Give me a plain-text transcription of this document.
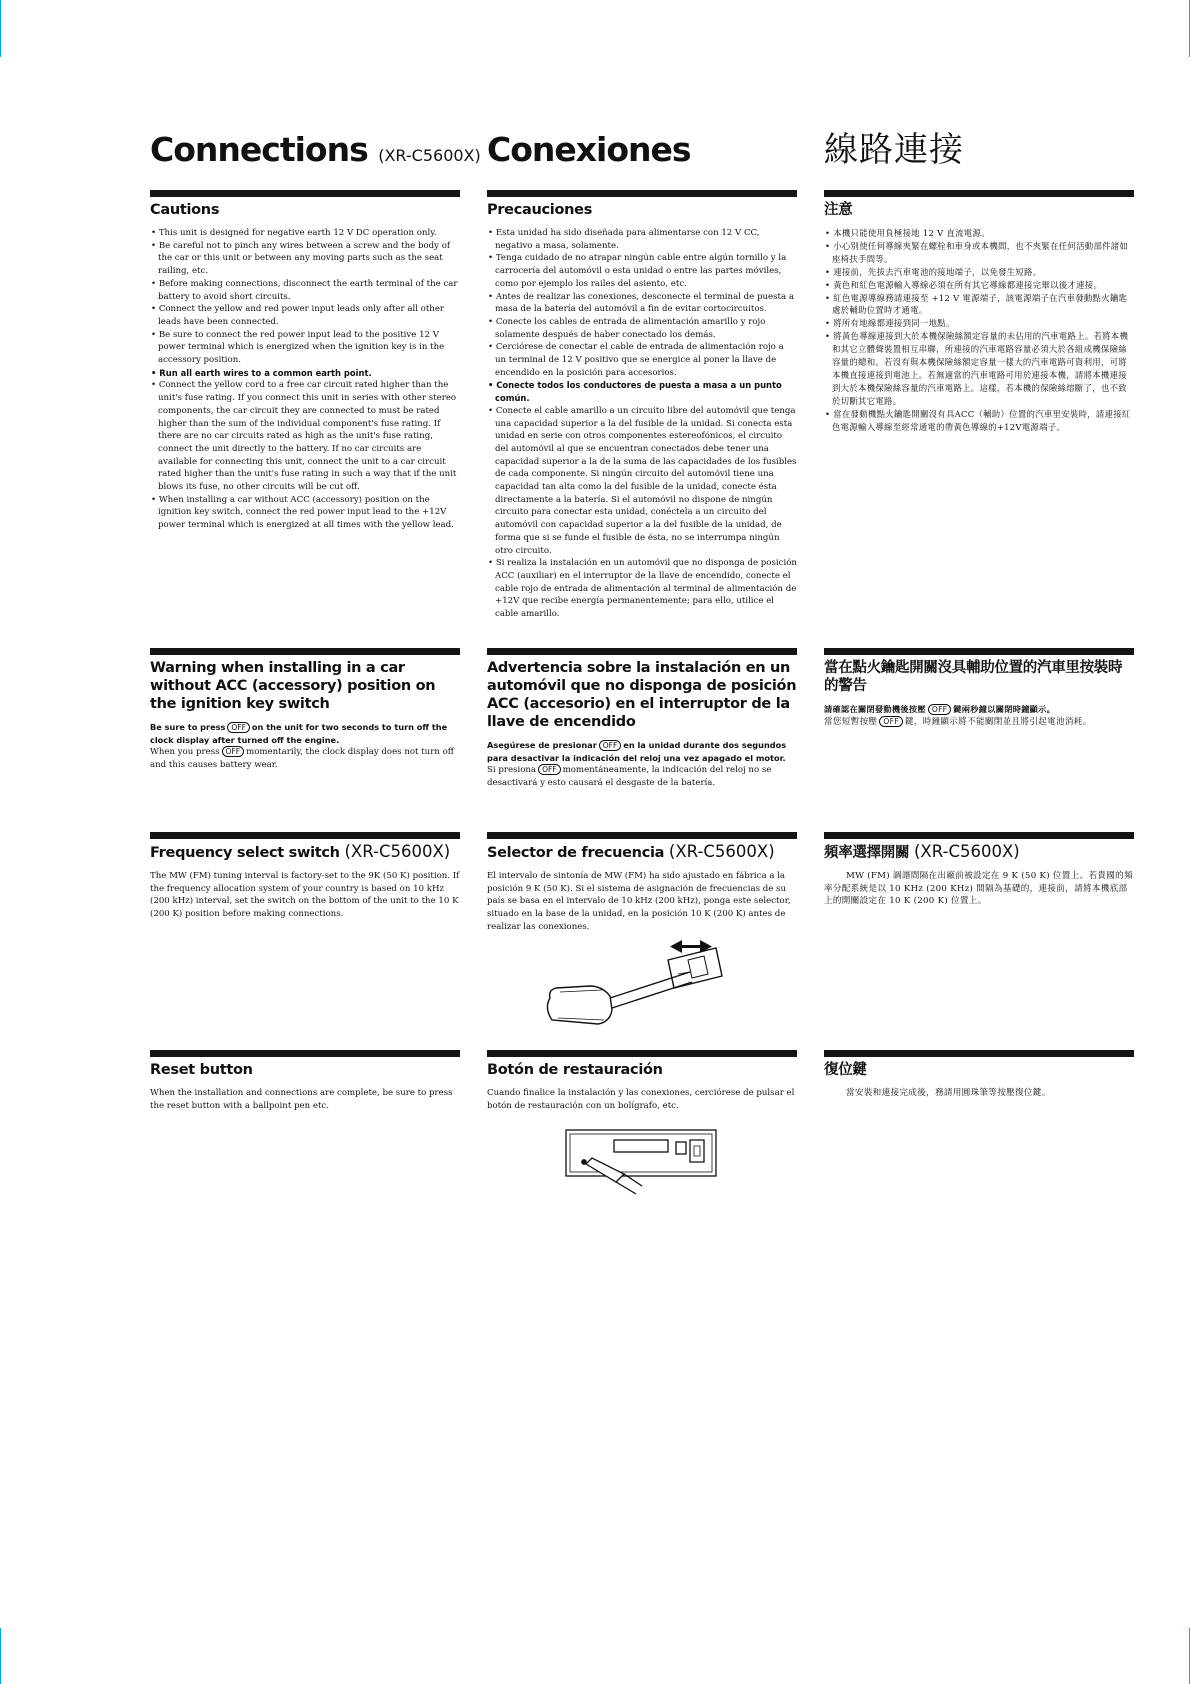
Connections (XR-C5600X) Conexiones	線路連接
Cautions
• This unit is designed for negative earth 12 V DC operation only.
• Be careful not to pinch any wires between a screw and the body of the car or this unit or between any moving parts such as the seat railing, etc.
• Before making connections, disconnect the earth terminal of the car battery to avoid short circuits.
• Connect the yellow and red power input leads only after all other leads have been connected.
• Be sure to connect the red power input lead to the positive 12 V power terminal which is energized when the ignition key is in the accessory position.
• Run all earth wires to a common earth point.
• Connect the yellow cord to a free car circuit rated higher than the unit's fuse rating. If you connect this unit in series with other stereo components, the car circuit they are connected to must be rated higher than the sum of the individual component's fuse rating. If there are no car circuits rated as high as the unit's fuse rating, connect the unit directly to the battery. If no car circuits are available for connecting this unit, connect the unit to a car circuit rated higher than the unit's fuse rating in such a way that if the unit blows its fuse, no other circuits will be cut off.
• When installing a car without ACC (accessory) position on the ignition key switch, connect the red power input lead to the +12V power terminal which is energized at all times with the yellow lead.
Precauciones
• Esta unidad ha sido diseñada para alimentarse con 12 V CC, negativo a masa, solamente.
• Tenga cuidado de no atrapar ningún cable entre algún tornillo y la carrocería del automóvil o esta unidad o entre las partes móviles, como por ejemplo los railes del asiento, etc.
• Antes de realizar las conexiones, desconecte el terminal de puesta a masa de la batería del automóvil a fin de evitar cortocircuitos.
• Conecte los cables de entrada de alimentación amarillo y rojo solamente después de haber conectado los demás.
• Cerciórese de conectar el cable de entrada de alimentación rojo a un terminal de 12 V positivo que se energice al poner la llave de encendido en la posición para accesorios.
• Conecte todos los conductores de puesta a masa a un punto común.
• Conecte el cable amarillo a un circuito libre del automóvil que tenga una capacidad superior a la del fusible de la unidad. Si conecta esta unidad en serie con otros componentes estereofónicos, el circuito del automóvil al que se encuentran conectados debe tener una capacidad superior a la de la suma de las capacidades de los fusibles de cada componente. Si ningún circuito del automóvil tiene una capacidad tan alta como la del fusible de la unidad, conecte ésta directamente a la batería. Si el automóvil no dispone de ningún circuito para conectar esta unidad, conéctela a un circuito del automóvil con capacidad superior a la del fusible de la unidad, de forma que si se funde el fusible de ésta, no se interrumpa ningún otro circuito.
• Si realiza la instalación en un automóvil que no disponga de posición ACC (auxiliar) en el interruptor de la llave de encendido, conecte el cable rojo de entrada de alimentación al terminal de alimentación de +12V que recibe energía permanentemente; para ello, utilice el cable amarillo.
注意
• 本機只能使用負極接地 12 V 直流電源。
• 小心別使任何導線夾緊在螺栓和車身或本機間，也不夾緊在任何活動部件諸如座椅扶手間等。
• 連接前，先拔去汽車電池的接地端子，以免發生短路。
• 黃色和紅色電源輸入導線必須在所有其它導線都連接完畢以後才連接。
• 紅色電源導線務請連接至 +12 V 電源端子，該電源端子在汽車發動點火鑰匙處於輔助位置時才通電。
• 將所有地線都連接到同一地點。
• 將黃色導線連接到大於本機保險絲額定容量的未佔用的汽車電路上。若將本機和其它立體聲裝置相互串聯，所連接的汽車電路容量必須大於各組成機保險絲容量的總和。若沒有與本機保險絲額定容量一樣大的汽車電路可資利用，可將本機直接連接到電池上。若無適當的汽車電路可用於連接本機，請將本機連接到大於本機保險絲容量的汽車電路上。這樣，若本機的保險絲熔斷了，也不致於切斷其它電路。
• 當在發動機點火鑰匙開關沒有具ACC（輔助）位置的汽車里安裝時，請連接紅色電源輸入導線至經常通電的帶黃色導線的+12V電源端子。
Warning when installing in a car without ACC (accessory) position on the ignition key switch

Be sure to press OFF on the unit for two seconds to turn off the clock display after turned off the engine.

When you press OFF momentarily, the clock display does not turn off and this causes battery wear.

Advertencia sobre la instalación en un automóvil que no disponga de posición ACC (accesorio) en el interruptor de la llave de encendido

Asegúrese de presionar OFF en la unidad durante dos segundos para desactivar la indicación del reloj una vez apagado el motor.

Si presiona OFF momentáneamente, la indicación del reloj no se desactivará y esto causará el desgaste de la batería.

當在點火鑰匙開關沒具輔助位置的汽車里按裝時的警告

請確認在關閉發動機後按壓 OFF 鍵兩秒鐘以關閉時鐘顯示。

當您短暫按壓 OFF 鍵，時鐘顯示將不能關閉並且將引起電池消耗。

Frequency select switch (XR-C5600X)

The MW (FM) tuning interval is factory-set to the 9K (50 K) position. If the frequency allocation system of your country is based on 10 kHz (200 kHz) interval, set the switch on the bottom of the unit to the 10 K (200 K) position before making connections.

Selector de frecuencia (XR-C5600X)

El intervalo de sintonía de MW (FM) ha sido ajustado en fábrica a la posición 9 K (50 K). Si el sistema de asignación de frecuencias de su país se basa en el intervalo de 10 kHz (200 kHz), ponga este selector, situado en la base de la unidad, en la posición 10 K (200 K) antes de realizar las conexiones.

頻率選擇開關 (XR-C5600X)

MW (FM) 調諧間隔在出廠前被設定在 9 K (50 K) 位置上。若貴國的頻率分配系統是以 10 KHz (200 KHz) 間隔為基礎的，連接前，請將本機底部上的開關設定在 10 K (200 K) 位置上。

Reset button

When the installation and connections are complete, be sure to press the reset button with a ballpoint pen etc.

Botón de restauración

Cuando finalice la instalación y las conexiones, cerciórese de pulsar el botón de restauración con un bolígrafo, etc.

復位鍵

當安裝和連接完成後，務請用圓珠筆等按壓復位鍵。
